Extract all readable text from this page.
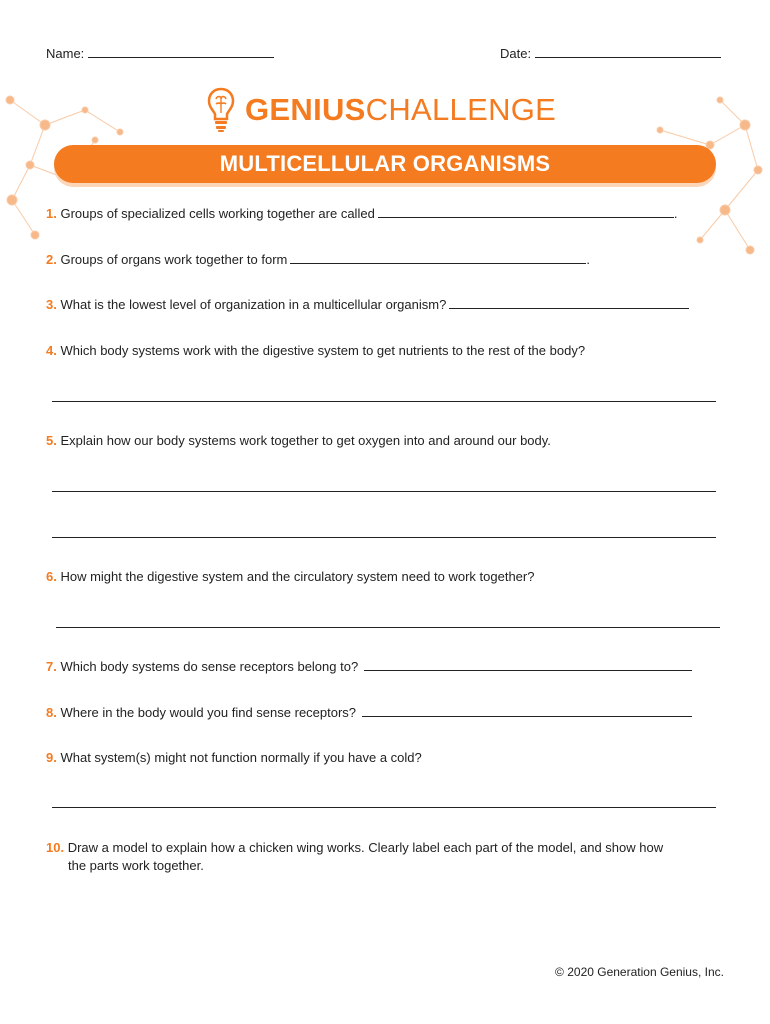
Name:	Date:
GENIUS CHALLENGE
MULTICELLULAR ORGANISMS
1. Groups of specialized cells working together are called	.
2. Groups of organs work together to form	.
3. What is the lowest level of organization in a multicellular organism?
4. Which body systems work with the digestive system to get nutrients to the rest of the body?
5. Explain how our body systems work together to get oxygen into and around our body.
6. How might the digestive system and the circulatory system need to work together?
7. Which body systems do sense receptors belong to?
8. Where in the body would you find sense receptors?
9. What system(s) might not function normally if you have a cold?
10. Draw a model to explain how a chicken wing works. Clearly label each part of the model, and show how
the parts work together.
© 2020 Generation Genius, Inc.
